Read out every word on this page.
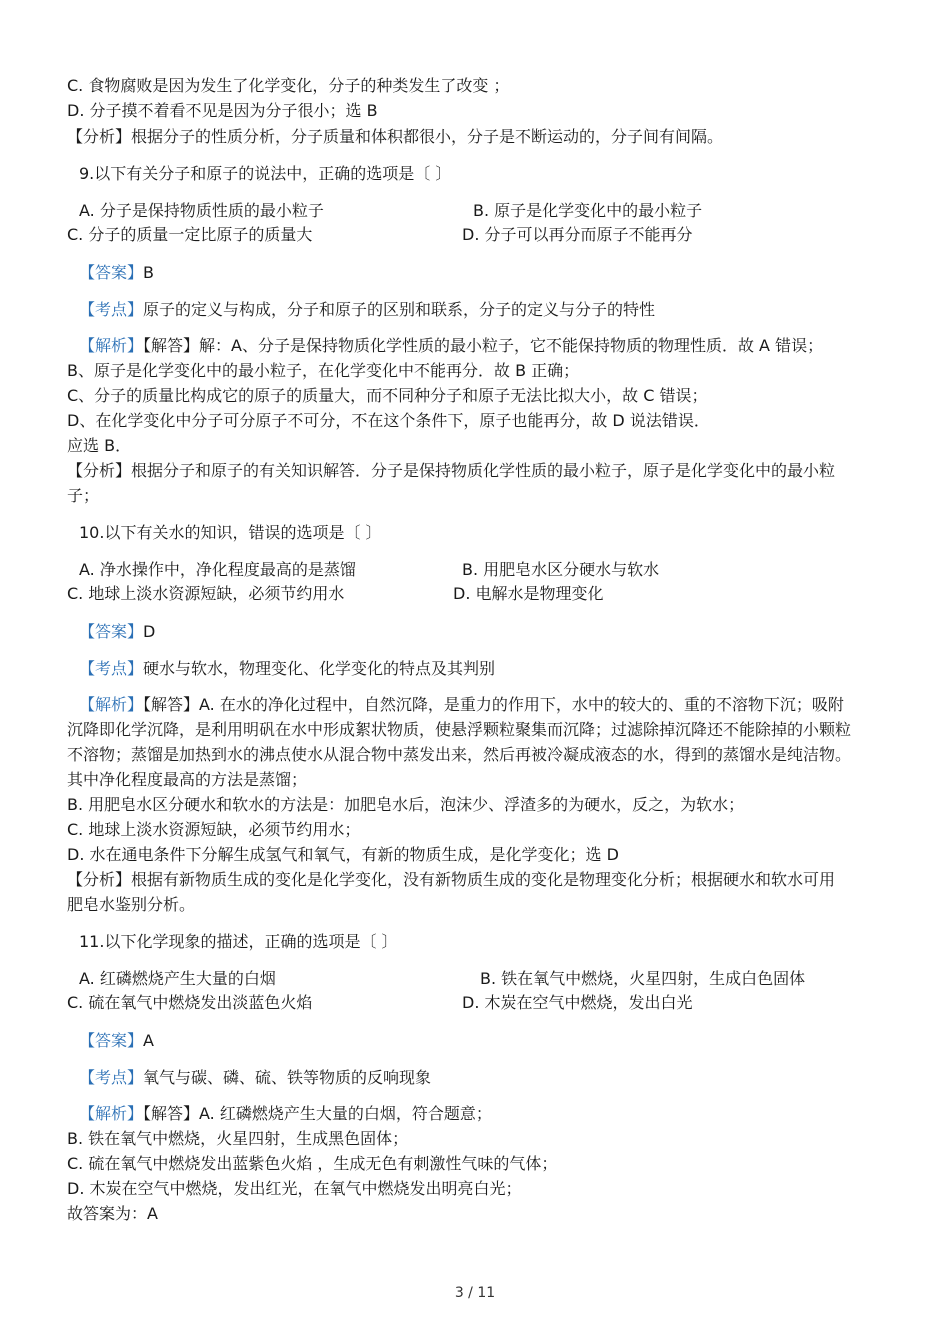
C. 食物腐败是因为发生了化学变化，分子的种类发生了改变 ；
D. 分子摸不着看不见是因为分子很小；选 B
【分析】根据分子的性质分析，分子质量和体积都很小，分子是不断运动的，分子间有间隔。
9.以下有关分子和原子的说法中，正确的选项是〔 〕
A. 分子是保持物质性质的最小粒子	B. 原子是化学变化中的最小粒子
C. 分子的质量一定比原子的质量大	D. 分子可以再分而原子不能再分
【答案】B
【考点】原子的定义与构成，分子和原子的区别和联系，分子的定义与分子的特性
【解析】【解答】解：A、分子是保持物质化学性质的最小粒子，它不能保持物质的物理性质．故 A 错误；
B、原子是化学变化中的最小粒子，在化学变化中不能再分．故 B 正确；
C、分子的质量比构成它的原子的质量大，而不同种分子和原子无法比拟大小，故 C 错误；
D、在化学变化中分子可分原子不可分，不在这个条件下，原子也能再分，故 D 说法错误．
应选 B．
【分析】根据分子和原子的有关知识解答．分子是保持物质化学性质的最小粒子，原子是化学变化中的最小粒
子；
10.以下有关水的知识，错误的选项是〔 〕
A. 净水操作中，净化程度最高的是蒸馏	B. 用肥皂水区分硬水与软水
C. 地球上淡水资源短缺，必须节约用水	D. 电解水是物理变化
【答案】D
【考点】硬水与软水，物理变化、化学变化的特点及其判别
【解析】【解答】A. 在水的净化过程中，自然沉降，是重力的作用下，水中的较大的、重的不溶物下沉；吸附
沉降即化学沉降，是利用明矾在水中形成絮状物质，使悬浮颗粒聚集而沉降；过滤除掉沉降还不能除掉的小颗粒
不溶物；蒸馏是加热到水的沸点使水从混合物中蒸发出来，然后再被冷凝成液态的水，得到的蒸馏水是纯洁物。
其中净化程度最高的方法是蒸馏；
B. 用肥皂水区分硬水和软水的方法是：加肥皂水后，泡沫少、浮渣多的为硬水，反之，为软水；
C. 地球上淡水资源短缺，必须节约用水；
D. 水在通电条件下分解生成氢气和氧气，有新的物质生成，是化学变化；选 D
【分析】根据有新物质生成的变化是化学变化，没有新物质生成的变化是物理变化分析；根据硬水和软水可用
肥皂水鉴别分析。
11.以下化学现象的描述，正确的选项是〔 〕
A. 红磷燃烧产生大量的白烟	B. 铁在氧气中燃烧，火星四射，生成白色固体
C. 硫在氧气中燃烧发出淡蓝色火焰	D. 木炭在空气中燃烧，发出白光
【答案】A
【考点】氧气与碳、磷、硫、铁等物质的反响现象
【解析】【解答】A. 红磷燃烧产生大量的白烟，符合题意；
B. 铁在氧气中燃烧，火星四射，生成黑色固体；
C. 硫在氧气中燃烧发出蓝紫色火焰 ，生成无色有刺激性气味的气体；
D. 木炭在空气中燃烧，发出红光，在氧气中燃烧发出明亮白光；
故答案为：A
3 / 11
